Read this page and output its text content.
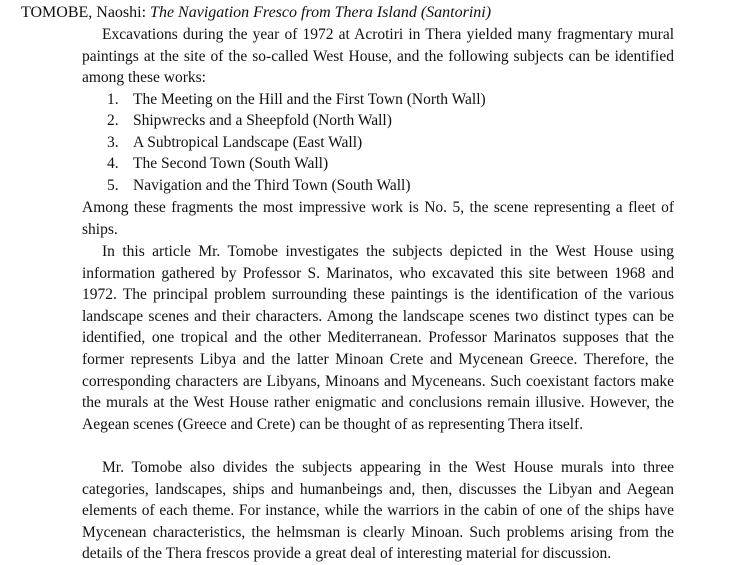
TOMOBE, Naoshi: The Navigation Fresco from Thera Island (Santorini)

Excavations during the year of 1972 at Acrotiri in Thera yielded many fragmentary mural paintings at the site of the so-called West House, and the following subjects can be identified among these works:

1. The Meeting on the Hill and the First Town (North Wall)
2. Shipwrecks and a Sheepfold (North Wall)
3. A Subtropical Landscape (East Wall)
4. The Second Town (South Wall)
5. Navigation and the Third Town (South Wall)

Among these fragments the most impressive work is No. 5, the scene representing a fleet of ships.

In this article Mr. Tomobe investigates the subjects depicted in the West House using information gathered by Professor S. Marinatos, who excavated this site between 1968 and 1972. The principal problem surrounding these paintings is the identification of the various landscape scenes and their characters. Among the landscape scenes two distinct types can be identified, one tropical and the other Mediterranean. Professor Marinatos supposes that the former represents Libya and the latter Minoan Crete and Mycenean Greece. Therefore, the corresponding characters are Libyans, Minoans and Myceneans. Such coexistant factors make the murals at the West House rather enigmatic and conclusions remain illusive. However, the Aegean scenes (Greece and Crete) can be thought of as representing Thera itself.

Mr. Tomobe also divides the subjects appearing in the West House murals into three categories, landscapes, ships and humanbeings and, then, discusses the Libyan and Aegean elements of each theme. For instance, while the warriors in the cabin of one of the ships have Mycenean characteristics, the helmsman is clearly Minoan. Such problems arising from the details of the Thera frescos provide a great deal of interesting material for discussion.
